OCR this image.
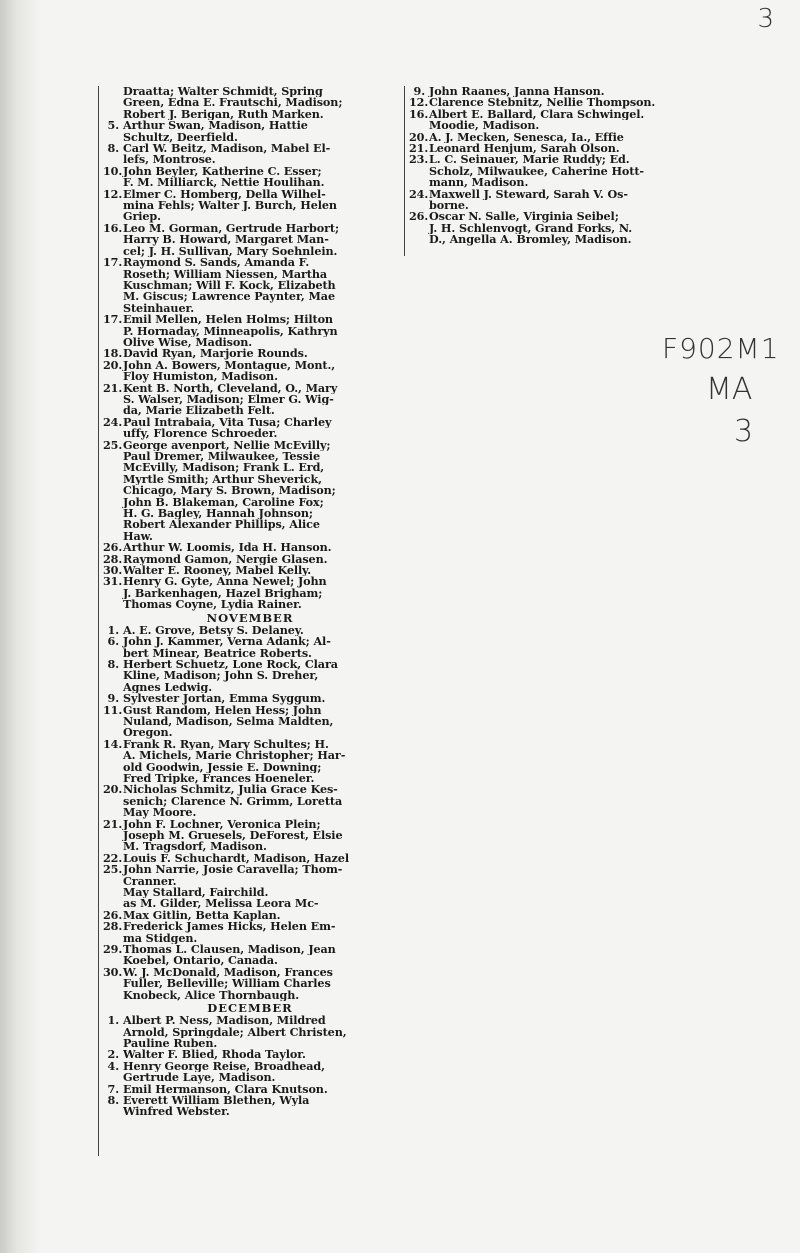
3
F902M1
MA
3

Draatta; Walter Schmidt, Spring
Green, Edna E. Frautschi, Madison;
Robert J. Berigan, Ruth Marken.

5. Arthur Swan, Madison, Hattie
Schultz, Deerfield.

8. Carl W. Beitz, Madison, Mabel El-
lefs, Montrose.

10.John Beyler, Katherine C. Esser;
F. M. Milliarck, Nettie Houlihan.

12.Elmer C. Homberg, Della Wilhel-
mina Fehls; Walter J. Burch, Helen
Griep.

16.Leo M. Gorman, Gertrude Harbort;
Harry B. Howard, Margaret Man-
cel; J. H. Sullivan, Mary Soehnlein.

17.Raymond S. Sands, Amanda F.
Roseth; William Niessen, Martha
Kuschman; Will F. Kock, Elizabeth
M. Giscus; Lawrence Paynter, Mae
Steinhauer.

17.Emil Mellen, Helen Holms; Hilton
P. Hornaday, Minneapolis, Kathryn
Olive Wise, Madison.

18.David Ryan, Marjorie Rounds.

20.John A. Bowers, Montague, Mont.,
Floy Humiston, Madison.

21.Kent B. North, Cleveland, O., Mary
S. Walser, Madison; Elmer G. Wig-
da, Marie Elizabeth Felt.

24.Paul Intrabaia, Vita Tusa; Charley
uffy, Florence Schroeder.

25.George avenport, Nellie McEvilly;
Paul Dremer, Milwaukee, Tessie
McEvilly, Madison; Frank L. Erd,
Myrtle Smith; Arthur Sheverick,
Chicago, Mary S. Brown, Madison;
John B. Blakeman, Caroline Fox;
H. G. Bagley, Hannah Johnson;
Robert Alexander Phillips, Alice
Haw.

26.Arthur W. Loomis, Ida H. Hanson.

28.Raymond Gamon, Nergie Glasen.

30.Walter E. Rooney, Mabel Kelly.

31.Henry G. Gyte, Anna Newel; John
J. Barkenhagen, Hazel Brigham;
Thomas Coyne, Lydia Rainer.

NOVEMBER

1. A. E. Grove, Betsy S. Delaney.

6. John J. Kammer, Verna Adank; Al-
bert Minear, Beatrice Roberts.

8. Herbert Schuetz, Lone Rock, Clara
Kline, Madison; John S. Dreher,
Agnes Ledwig.

9. Sylvester Jortan, Emma Syggum.

11.Gust Random, Helen Hess; John
Nuland, Madison, Selma Maldten,
Oregon.

14.Frank R. Ryan, Mary Schultes; H.
A. Michels, Marie Christopher; Har-
old Goodwin, Jessie E. Downing;
Fred Tripke, Frances Hoeneler.

20.Nicholas Schmitz, Julia Grace Kes-
senich; Clarence N. Grimm, Loretta
May Moore.

21.John F. Lochner, Veronica Plein;
Joseph M. Gruesels, DeForest, Elsie
M. Tragsdorf, Madison.

22.Louis F. Schuchardt, Madison, Hazel

25.John Narrie, Josie Caravella; Thom-
Cranner.
May Stallard, Fairchild.
as M. Gilder, Melissa Leora Mc-

26.Max Gitlin, Betta Kaplan.

28.Frederick James Hicks, Helen Em-
ma Stidgen.

29.Thomas L. Clausen, Madison, Jean
Koebel, Ontario, Canada.

30.W. J. McDonald, Madison, Frances
Fuller, Belleville; William Charles
Knobeck, Alice Thornbaugh.

DECEMBER

1. Albert P. Ness, Madison, Mildred
Arnold, Springdale; Albert Christen,
Pauline Ruben.

2. Walter F. Blied, Rhoda Taylor.

4. Henry George Reise, Broadhead,
Gertrude Laye, Madison.

7. Emil Hermanson, Clara Knutson.

8. Everett William Blethen, Wyla
Winfred Webster.

9. John Raanes, Janna Hanson.

12.Clarence Stebnitz, Nellie Thompson.

16.Albert E. Ballard, Clara Schwingel.
Moodie, Madison.

20.A. J. Mecken, Senesca, Ia., Effie

21.Leonard Henjum, Sarah Olson.

23.L. C. Seinauer, Marie Ruddy; Ed.
Scholz, Milwaukee, Caherine Hott-
mann, Madison.

24.Maxwell J. Steward, Sarah V. Os-
borne.

26.Oscar N. Salle, Virginia Seibel;
J. H. Schlenvogt, Grand Forks, N.
D., Angella A. Bromley, Madison.
